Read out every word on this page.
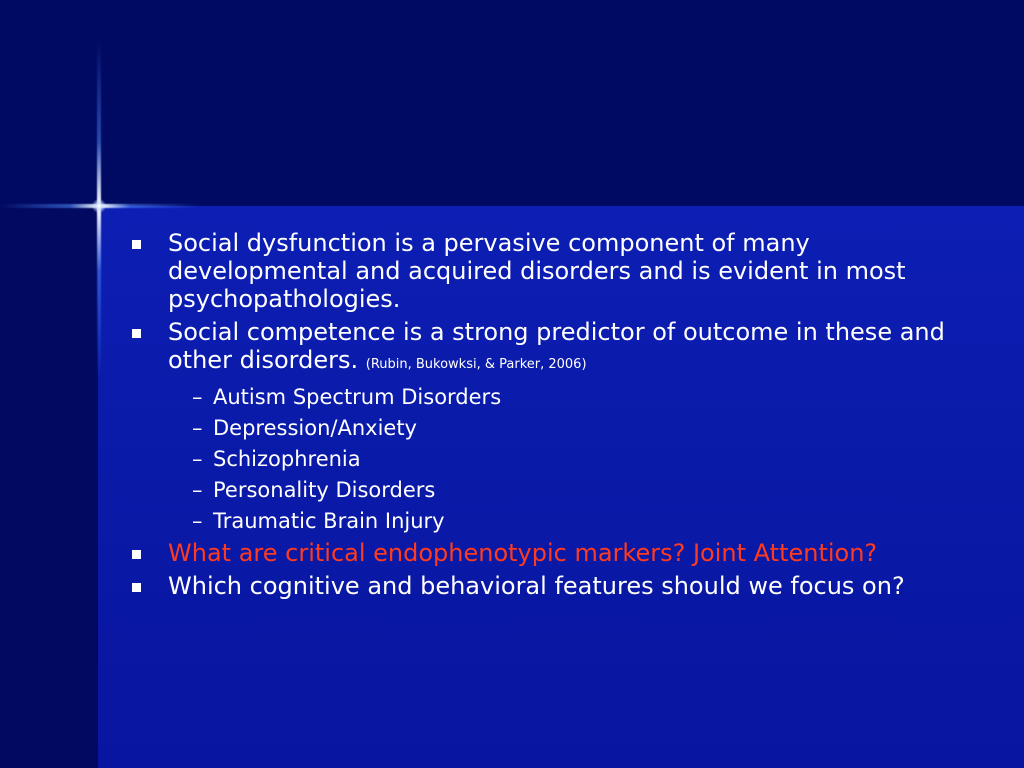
Social dysfunction is a pervasive component of many developmental and acquired disorders and is evident in most psychopathologies.
Social competence is a strong predictor of outcome in these and other disorders. (Rubin, Bukowksi, & Parker, 2006)
– Autism Spectrum Disorders
– Depression/Anxiety
– Schizophrenia
– Personality Disorders
– Traumatic Brain Injury
What are critical endophenotypic markers? Joint Attention?
Which cognitive and behavioral features should we focus on?
